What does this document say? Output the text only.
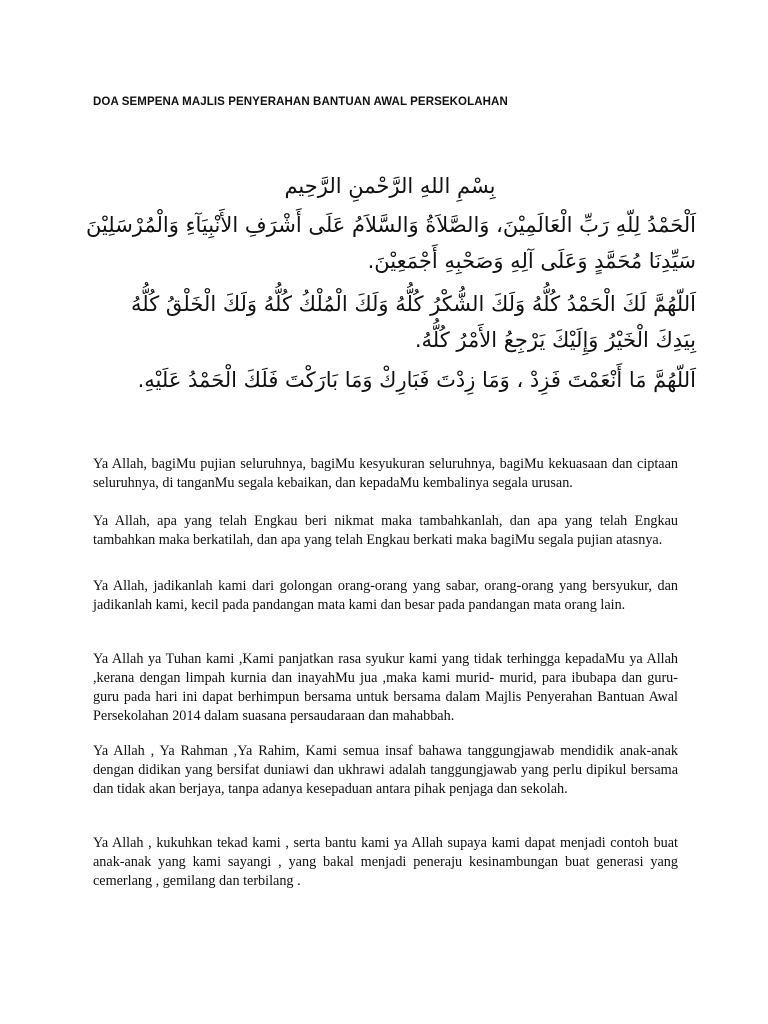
DOA SEMPENA MAJLIS PENYERAHAN BANTUAN AWAL PERSEKOLAHAN
بِسْمِ اللهِ الرَّحْمنِ الرَّحِيم
اَلْحَمْدُ لِلّهِ رَبِّ الْعَالَمِيْنَ، وَالصَّلاَةُ وَالسَّلاَمُ عَلَى أَشْرَفِ الأَنْبِيَآءِ وَالْمُرْسَلِيْنَ سَيِّدِنَا مُحَمَّدٍ وَعَلَى آلِهِ وَصَحْبِهِ أَجْمَعِيْنَ.
اَللّهُمَّ لَكَ الْحَمْدُ كُلُّهُ وَلَكَ الشُّكْرُ كُلُّهُ وَلَكَ الْمُلْكُ كُلُّهُ وَلَكَ الْخَلْقُ كُلُّهُ بِيَدِكَ الْخَيْرُ وَإِلَيْكَ يَرْجِعُ الأَمْرُ كُلُّهُ.
اَللّهُمَّ مَا أَنْعَمْتَ فَزِدْ ، وَمَا زِدْتَ فَبَارِكْ وَمَا بَارَكْتَ فَلَكَ الْحَمْدُ عَلَيْهِ.

Ya Allah, bagiMu pujian seluruhnya, bagiMu kesyukuran seluruhnya, bagiMu kekuasaan dan ciptaan seluruhnya, di tanganMu segala kebaikan, dan kepadaMu kembalinya segala urusan.

Ya Allah, apa yang telah Engkau beri nikmat maka tambahkanlah, dan apa yang telah Engkau tambahkan maka berkatilah, dan apa yang telah Engkau berkati maka bagiMu segala pujian atasnya.

Ya Allah, jadikanlah kami dari golongan orang-orang yang sabar, orang-orang yang bersyukur, dan jadikanlah kami, kecil pada pandangan mata kami dan besar pada pandangan mata orang lain.

Ya Allah ya Tuhan kami ,Kami panjatkan rasa syukur kami yang tidak terhingga kepadaMu ya Allah ,kerana dengan limpah kurnia dan inayahMu jua ,maka kami murid- murid, para ibubapa dan guru-guru pada hari ini dapat berhimpun bersama untuk bersama dalam Majlis Penyerahan Bantuan Awal Persekolahan 2014 dalam suasana persaudaraan dan mahabbah.

Ya Allah , Ya Rahman ,Ya Rahim, Kami semua insaf bahawa tanggungjawab mendidik anak-anak dengan didikan yang bersifat duniawi dan ukhrawi adalah tanggungjawab yang perlu dipikul bersama dan tidak akan berjaya, tanpa adanya kesepaduan antara pihak penjaga dan sekolah.

Ya Allah , kukuhkan tekad kami , serta bantu kami ya Allah supaya kami dapat menjadi contoh buat anak-anak yang kami sayangi , yang bakal menjadi peneraju kesinambungan buat generasi yang cemerlang , gemilang dan terbilang .
